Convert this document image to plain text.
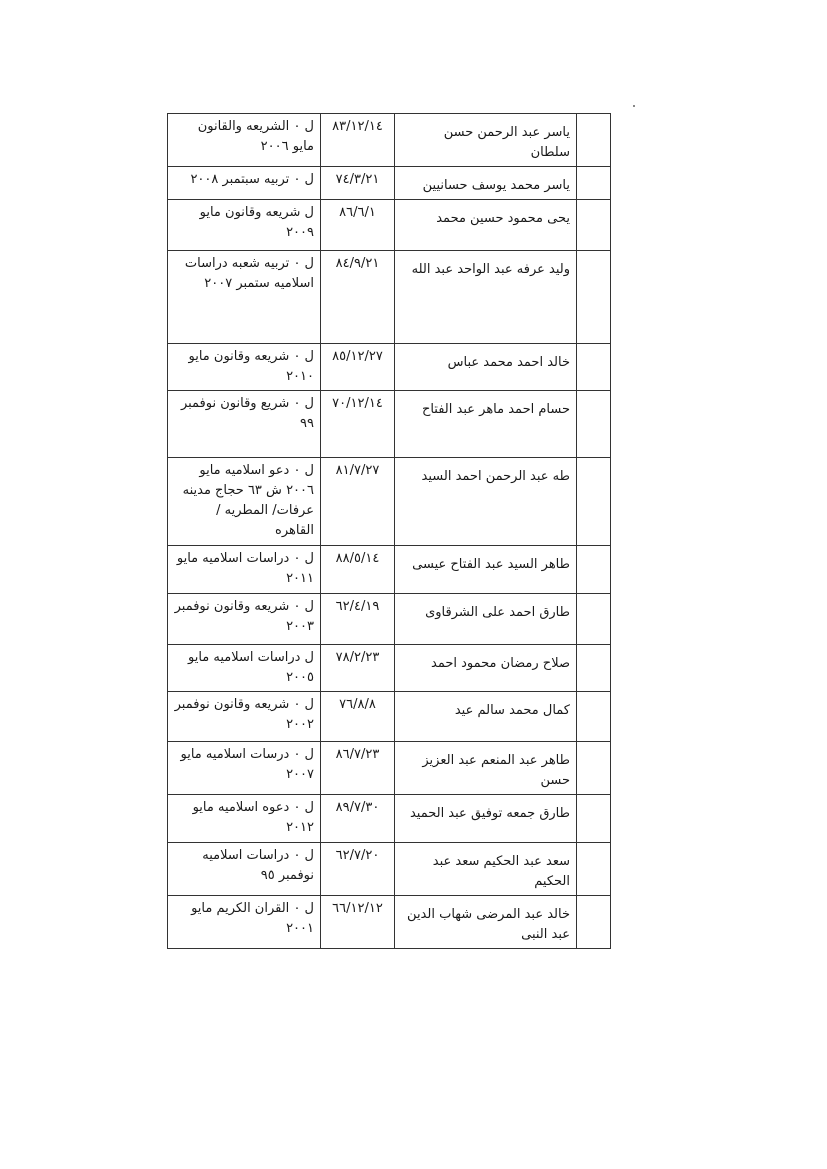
	ياسر عبد الرحمن حسن سلطان	٨٣/١٢/١٤	ل ٠ الشريعه والقانون مايو ٢٠٠٦
	ياسر محمد يوسف حسانيين	٧٤/٣/٢١	ل ٠ تربيه سبتمبر ٢٠٠٨
	يحى محمود حسين محمد	٨٦/٦/١	ل شريعه وقانون مايو ٢٠٠٩
	وليد عرفه عبد الواحد عبد الله	٨٤/٩/٢١	ل ٠ تربيه شعبه دراسات اسلاميه ستمبر ٢٠٠٧
	خالد احمد محمد عباس	٨٥/١٢/٢٧	ل ٠ شريعه وقانون مايو ٢٠١٠
	حسام احمد ماهر عبد الفتاح	٧٠/١٢/١٤	ل ٠ شريع وقانون نوفمبر ٩٩
	طه عبد الرحمن احمد السيد	٨١/٧/٢٧	ل ٠ دعو اسلاميه مايو ٢٠٠٦ ش ٦٣ حجاج مدينه عرفات/ المطريه / القاهره
	طاهر السيد عبد الفتاح عيسى	٨٨/٥/١٤	ل ٠ دراسات اسلاميه مايو ٢٠١١
	طارق احمد على الشرقاوى	٦٢/٤/١٩	ل ٠ شريعه وقانون نوفمبر ٢٠٠٣
	صلاح رمضان محمود احمد	٧٨/٢/٢٣	ل دراسات اسلاميه مايو ٢٠٠٥
	كمال محمد سالم عيد	٧٦/٨/٨	ل ٠ شريعه وقانون نوفمبر ٢٠٠٢
	طاهر عبد المنعم عبد العزيز حسن	٨٦/٧/٢٣	ل ٠ درسات اسلاميه مايو ٢٠٠٧
	طارق جمعه توفيق عبد الحميد	٨٩/٧/٣٠	ل ٠ دعوه اسلاميه مايو ٢٠١٢
	سعد عبد الحكيم سعد عبد الحكيم	٦٢/٧/٢٠	ل ٠ دراسات اسلاميه نوفمبر ٩٥
	خالد عبد المرضى شهاب الدين عبد النبى	٦٦/١٢/١٢	ل ٠ القران الكريم مايو ٢٠٠١
